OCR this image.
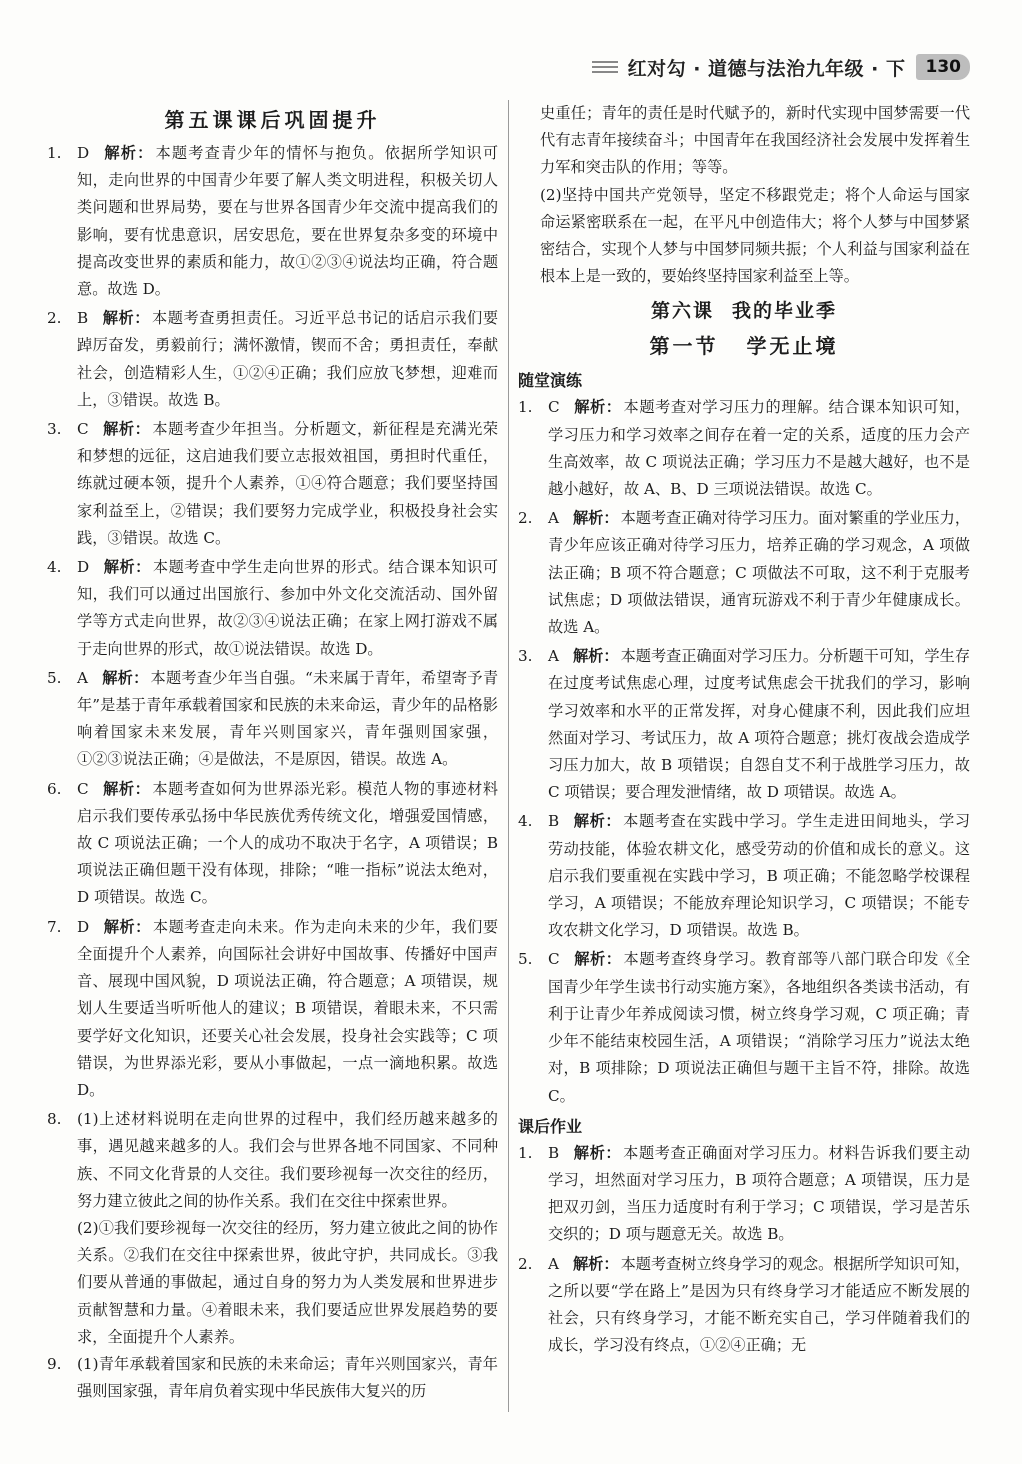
红对勾 · 道德与法治九年级 · 下	130
第五课课后巩固提升
1.	D 解析： 本题考查青少年的情怀与抱负。依据所学知识可知，走向世界的中国青少年要了解人类文明进程，积极关切人类问题和世界局势，要在与世界各国青少年交流中提高我们的影响，要有忧患意识，居安思危，要在世界复杂多变的环境中提高改变世界的素质和能力，故①②③④说法均正确，符合题意。故选 D。
2.	B 解析： 本题考查勇担责任。习近平总书记的话启示我们要踔厉奋发，勇毅前行；满怀激情，锲而不舍；勇担责任，奉献社会，创造精彩人生，①②④正确；我们应放飞梦想，迎难而上，③错误。故选 B。
3.	C 解析： 本题考查少年担当。分析题文，新征程是充满光荣和梦想的远征，这启迪我们要立志报效祖国，勇担时代重任，练就过硬本领，提升个人素养，①④符合题意；我们要坚持国家利益至上，②错误；我们要努力完成学业，积极投身社会实践，③错误。故选 C。
4.	D 解析： 本题考查中学生走向世界的形式。结合课本知识可知，我们可以通过出国旅行、参加中外文化交流活动、国外留学等方式走向世界，故②③④说法正确；在家上网打游戏不属于走向世界的形式，故①说法错误。故选 D。
5.	A 解析： 本题考查少年当自强。“未来属于青年，希望寄予青年”是基于青年承载着国家和民族的未来命运，青少年的品格影响着国家未来发展，青年兴则国家兴，青年强则国家强，①②③说法正确；④是做法，不是原因，错误。故选 A。
6.	C 解析： 本题考查如何为世界添光彩。模范人物的事迹材料启示我们要传承弘扬中华民族优秀传统文化，增强爱国情感，故 C 项说法正确；一个人的成功不取决于名字，A 项错误；B 项说法正确但题干没有体现，排除；“唯一指标”说法太绝对，D 项错误。故选 C。
7.	D 解析： 本题考查走向未来。作为走向未来的少年，我们要全面提升个人素养，向国际社会讲好中国故事、传播好中国声音、展现中国风貌，D 项说法正确，符合题意；A 项错误，规划人生要适当听听他人的建议；B 项错误，着眼未来，不只需要学好文化知识，还要关心社会发展，投身社会实践等；C 项错误，为世界添光彩，要从小事做起，一点一滴地积累。故选 D。
8.	(1)上述材料说明在走向世界的过程中，我们经历越来越多的事，遇见越来越多的人。我们会与世界各地不同国家、不同种族、不同文化背景的人交往。我们要珍视每一次交往的经历，努力建立彼此之间的协作关系。我们在交往中探索世界。
(2)①我们要珍视每一次交往的经历，努力建立彼此之间的协作关系。②我们在交往中探索世界，彼此守护，共同成长。③我们要从普通的事做起，通过自身的努力为人类发展和世界进步贡献智慧和力量。④着眼未来，我们要适应世界发展趋势的要求，全面提升个人素养。
9.	(1)青年承载着国家和民族的未来命运；青年兴则国家兴，青年强则国家强，青年肩负着实现中华民族伟大复兴的历
史重任；青年的责任是时代赋予的，新时代实现中国梦需要一代代有志青年接续奋斗；中国青年在我国经济社会发展中发挥着生力军和突击队的作用；等等。
(2)坚持中国共产党领导，坚定不移跟党走；将个人命运与国家命运紧密联系在一起，在平凡中创造伟大；将个人梦与中国梦紧密结合，实现个人梦与中国梦同频共振；个人利益与国家利益在根本上是一致的，要始终坚持国家利益至上等。
第六课 我的毕业季
第一节 学无止境
随堂演练
1.	C 解析： 本题考查对学习压力的理解。结合课本知识可知，学习压力和学习效率之间存在着一定的关系，适度的压力会产生高效率，故 C 项说法正确；学习压力不是越大越好，也不是越小越好，故 A、B、D 三项说法错误。故选 C。
2.	A 解析： 本题考查正确对待学习压力。面对繁重的学业压力，青少年应该正确对待学习压力，培养正确的学习观念，A 项做法正确；B 项不符合题意；C 项做法不可取，这不利于克服考试焦虑；D 项做法错误，通宵玩游戏不利于青少年健康成长。故选 A。
3.	A 解析： 本题考查正确面对学习压力。分析题干可知，学生存在过度考试焦虑心理，过度考试焦虑会干扰我们的学习，影响学习效率和水平的正常发挥，对身心健康不利，因此我们应坦然面对学习、考试压力，故 A 项符合题意；挑灯夜战会造成学习压力加大，故 B 项错误；自怨自艾不利于战胜学习压力，故 C 项错误；要合理发泄情绪，故 D 项错误。故选 A。
4.	B 解析： 本题考查在实践中学习。学生走进田间地头，学习劳动技能，体验农耕文化，感受劳动的价值和成长的意义。这启示我们要重视在实践中学习，B 项正确；不能忽略学校课程学习，A 项错误；不能放弃理论知识学习，C 项错误；不能专攻农耕文化学习，D 项错误。故选 B。
5.	C 解析： 本题考查终身学习。教育部等八部门联合印发《全国青少年学生读书行动实施方案》，各地组织各类读书活动，有利于让青少年养成阅读习惯，树立终身学习观，C 项正确；青少年不能结束校园生活，A 项错误；“消除学习压力”说法太绝对，B 项排除；D 项说法正确但与题干主旨不符，排除。故选 C。
课后作业
1.	B 解析： 本题考查正确面对学习压力。材料告诉我们要主动学习，坦然面对学习压力，B 项符合题意；A 项错误，压力是把双刃剑，当压力适度时有利于学习；C 项错误，学习是苦乐交织的；D 项与题意无关。故选 B。
2.	A 解析： 本题考查树立终身学习的观念。根据所学知识可知，之所以要“学在路上”是因为只有终身学习才能适应不断发展的社会，只有终身学习，才能不断充实自己，学习伴随着我们的成长，学习没有终点，①②④正确；无
